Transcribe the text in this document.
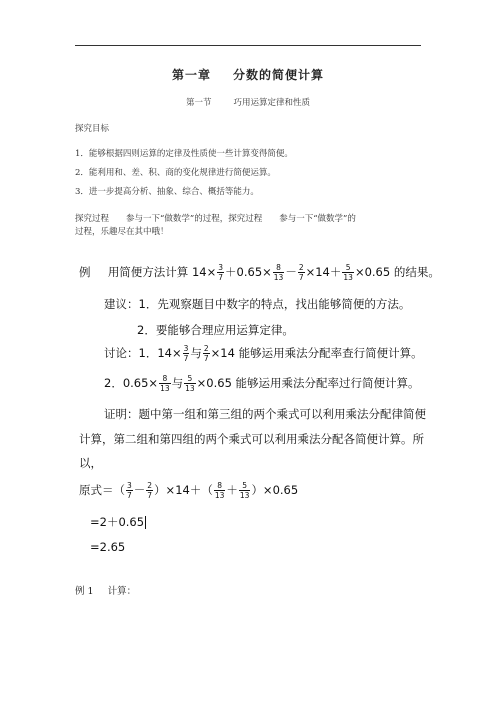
第一章 分数的简便计算
第一节	巧用运算定律和性质
探究目标
1．能够根据四则运算的定律及性质使一些计算变得简便。
2．能利用和、差、积、商的变化规律进行简便运算。
3．进一步提高分析、抽象、综合、概括等能力。
探究过程　　参与一下“做数学”的过程，探究过程　　参与一下“做数学”的
过程，乐趣尽在其中哦！
例 用简便方法计算 $14\times \frac{3}{7} +0.65\times \frac{8}{13} - \frac{2}{7} \times 14+ \frac{5}{13} \times 0.65$ 的结果。
建议：1．先观察题目中数字的特点，找出能够简便的方法。
2．要能够合理应用运算定律。
讨论：1．$14\times \frac{3}{7}$ 与 $\frac{2}{7} \times 14$ 能够运用乘法分配率查行简便计算。
2．$0.65\times \frac{8}{13}$ 与 $\frac{5}{13} \times 0.65$ 能够运用乘法分配率过行简便计算。
证明：题中第一组和第三组的两个乘式可以利用乘法分配律简便
计算，第二组和第四组的两个乘式可以利用乘法分配各简便计算。所
以，
原式＝（ $\frac{3}{7} - \frac{2}{7} )\times 14+( \frac{8}{13} + \frac{5}{13} )\times 0.65$
=2＋0.65
=2.65
例 1 计算：
